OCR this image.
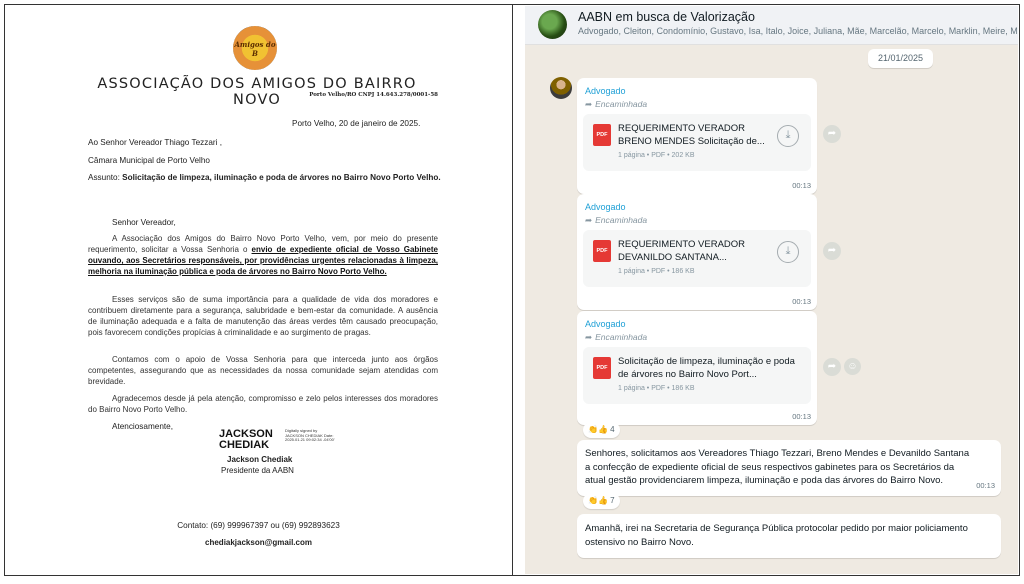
Amigos do B
ASSOCIAÇÃO DOS AMIGOS DO BAIRRO NOVO	Porto Velho/RO CNPJ 14.643.278/0001-58
Porto Velho, 20 de janeiro de 2025.
Ao Senhor Vereador Thiago Tezzari ,
Câmara Municipal de Porto Velho
Assunto: Solicitação de limpeza, iluminação e poda de árvores no Bairro Novo Porto Velho.
Senhor Vereador,
A Associação dos Amigos do Bairro Novo Porto Velho, vem, por meio do presente requerimento, solicitar a Vossa Senhoria o envio de expediente oficial de Vosso Gabinete ouvando, aos Secretários responsáveis, por providências urgentes relacionadas à limpeza, melhoria na iluminação pública e poda de árvores no Bairro Novo Porto Velho.
Esses serviços são de suma importância para a qualidade de vida dos moradores e contribuem diretamente para a segurança, salubridade e bem-estar da comunidade. A ausência de iluminação adequada e a falta de manutenção das áreas verdes têm causado preocupação, pois favorecem condições propícias à criminalidade e ao surgimento de pragas.
Contamos com o apoio de Vossa Senhoria para que interceda junto aos órgãos competentes, assegurando que as necessidades da nossa comunidade sejam atendidas com brevidade.
Agradecemos desde já pela atenção, compromisso e zelo pelos interesses dos moradores do Bairro Novo Porto Velho.
Atenciosamente,
JACKSON
CHEDIAK
Digitally signed by JACKSON CHEDIAK Date: 2025.01.21 09:02:34 -04'00'
Jackson Chediak
Presidente da AABN
Contato: (69) 999967397 ou (69) 992893623
chediakjackson@gmail.com
AABN em busca de Valorização
Advogado, Cleiton, Condomínio, Gustavo, Isa, Italo, Joice, Juliana, Mãe, Marcelão, Marcelo, Marklin, Meire, M
21/01/2025
Advogado
➦ Encaminhada
PDF
REQUERIMENTO VERADOR BRENO MENDES Solicitação de...
1 página • PDF • 202 KB
⤓
00:13
➦
Advogado
➦ Encaminhada
PDF
REQUERIMENTO VERADOR DEVANILDO SANTANA...
1 página • PDF • 186 KB
⤓
00:13
➦
Advogado
➦ Encaminhada
PDF
Solicitação de limpeza, iluminação e poda de árvores no Bairro Novo Port...
1 página • PDF • 186 KB
00:13
➦	☺
👏👍 4
Senhores, solicitamos aos Vereadores Thiago Tezzari, Breno Mendes e Devanildo Santana a confecção de expediente oficial de seus respectivos gabinetes para os Secretários da atual gestão providenciarem limpeza, iluminação e poda das árvores do Bairro Novo.	00:13
👏👍 7
Amanhã, irei na Secretaria de Segurança Pública protocolar pedido por maior policiamento ostensivo no Bairro Novo.
